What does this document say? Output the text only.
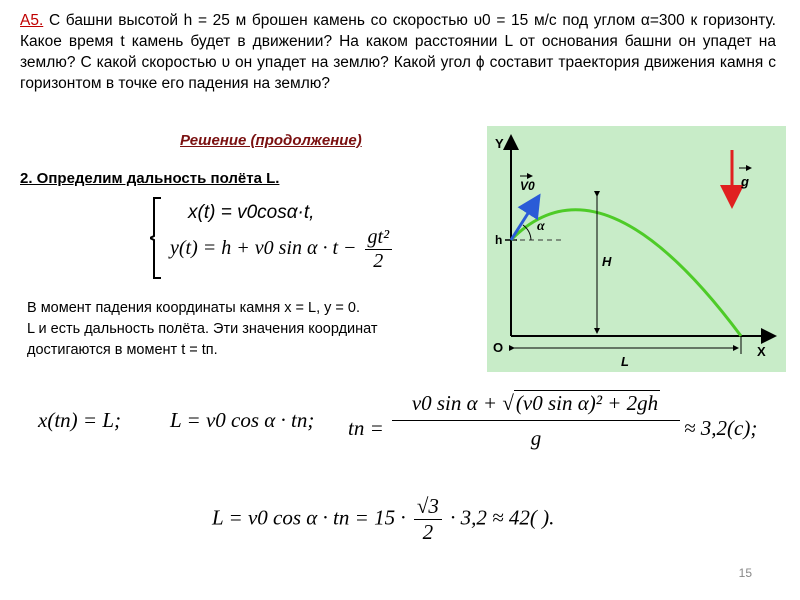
A5. С башни высотой h = 25 м брошен камень со скоростью υ0 = 15 м/с под углом α=300 к горизонту. Какое время t камень будет в движении? На каком расстоянии L от основания башни он упадет на землю? С какой скоростью υ он упадет на землю? Какой угол ϕ составит траектория движения камня с горизонтом в точке его падения на землю?

Решение (продолжение)
2. Определим дальность полёта L.
x(t) = v0cosα·t,
y(t) = h + v0 $\sin \alpha \cdot t - \frac{\text{gt²}}{2}$
В момент падения координаты камня x = L, y = 0.
L и есть дальность полёта. Эти значения координат
достигаются в момент t = tп.
x(tп) = L; L = v0 cos α · tп; tп =
v0 sin α + √(v0 sin α)² + 2gh
g	≈ 3,2(c);
L = v0 cos α · tп = $15 \cdot \frac{√3}{2} \cdot 3,2 \approx 42$( ).
Y
X
O
V0
α
h
H
L
g
15
